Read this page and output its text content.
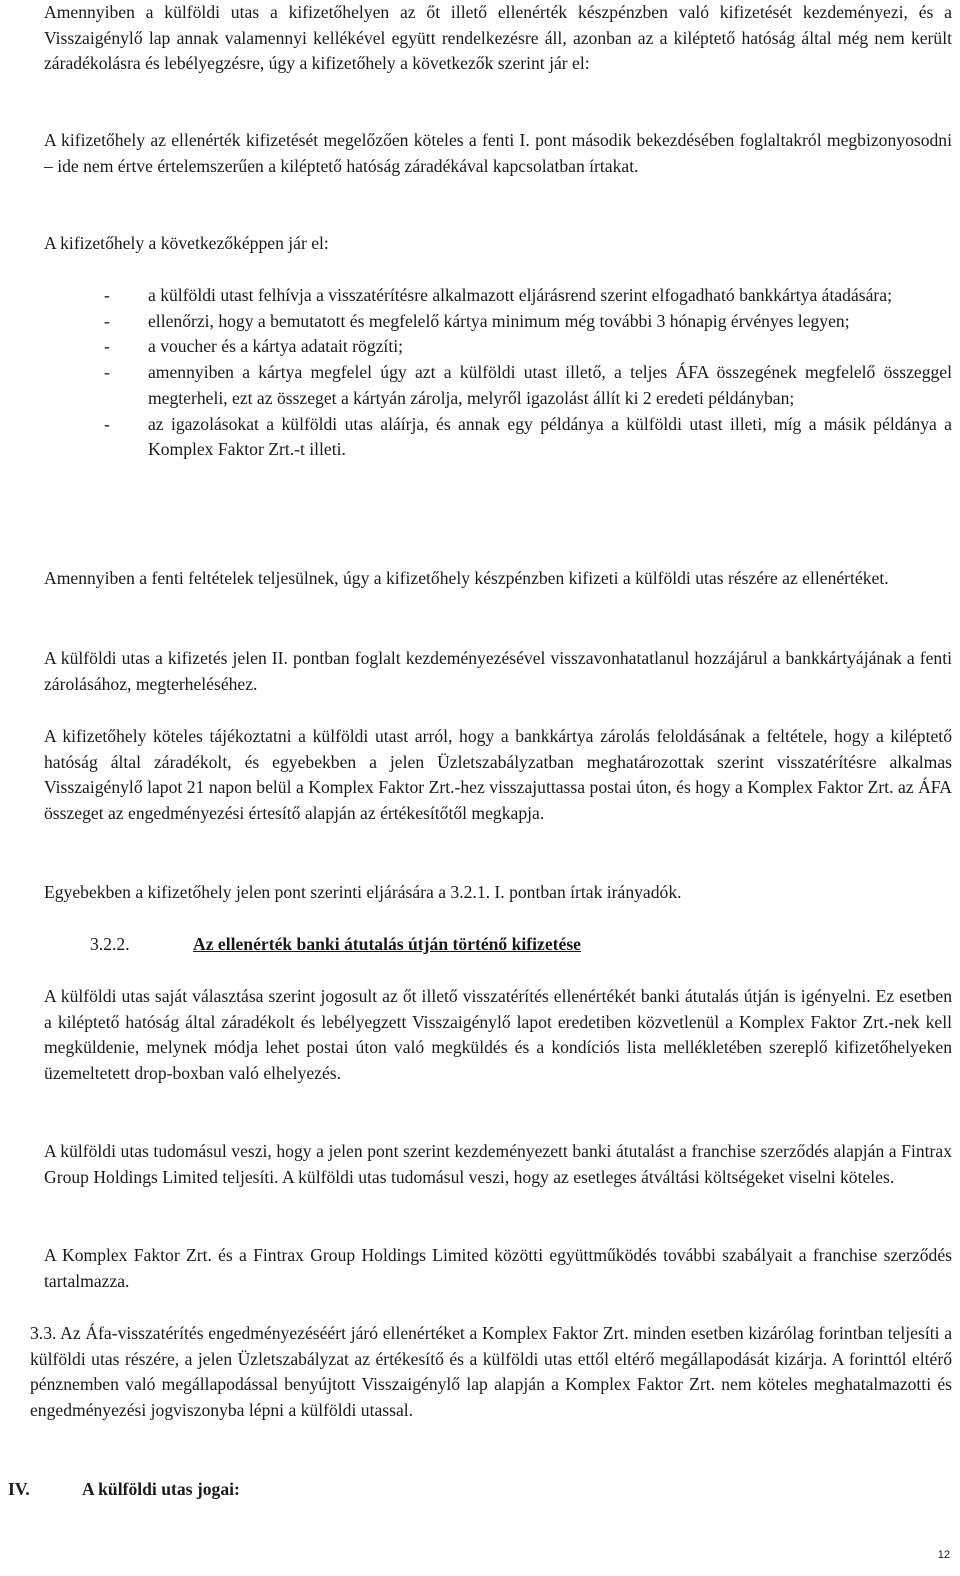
Amennyiben a külföldi utas a kifizetőhelyen az őt illető ellenérték készpénzben való kifizetését kezdeményezi, és a Visszaigénylő lap annak valamennyi kellékével együtt rendelkezésre áll, azonban az a kiléptető hatóság által még nem került záradékolásra és lebélyegzésre, úgy a kifizetőhely a következők szerint jár el:

A kifizetőhely az ellenérték kifizetését megelőzően köteles a fenti I. pont második bekezdésében foglaltakról megbizonyosodni – ide nem értve értelemszerűen a kiléptető hatóság záradékával kapcsolatban írtakat.

A kifizetőhely a következőképpen jár el:

- a külföldi utast felhívja a visszatérítésre alkalmazott eljárásrend szerint elfogadható bankkártya átadására;
- ellenőrzi, hogy a bemutatott és megfelelő kártya minimum még további 3 hónapig érvényes legyen;
- a voucher és a kártya adatait rögzíti;
- amennyiben a kártya megfelel úgy azt a külföldi utast illető, a teljes ÁFA összegének megfelelő összeggel megterheli, ezt az összeget a kártyán zárolja, melyről igazolást állít ki 2 eredeti példányban;
- az igazolásokat a külföldi utas aláírja, és annak egy példánya a külföldi utast illeti, míg a másik példánya a Komplex Faktor Zrt.-t illeti.

Amennyiben a fenti feltételek teljesülnek, úgy a kifizetőhely készpénzben kifizeti a külföldi utas részére az ellenértéket.

A külföldi utas a kifizetés jelen II. pontban foglalt kezdeményezésével visszavonhatatlanul hozzájárul a bankkártyájának a fenti zárolásához, megterheléséhez.

A kifizetőhely köteles tájékoztatni a külföldi utast arról, hogy a bankkártya zárolás feloldásának a feltétele, hogy a kiléptető hatóság által záradékolt, és egyebekben a jelen Üzletszabályzatban meghatározottak szerint visszatérítésre alkalmas Visszaigénylő lapot 21 napon belül a Komplex Faktor Zrt.-hez visszajuttassa postai úton, és hogy a Komplex Faktor Zrt. az ÁFA összeget az engedményezési értesítő alapján az értékesítőtől megkapja.

Egyebekben a kifizetőhely jelen pont szerinti eljárására a 3.2.1. I. pontban írtak irányadók.

3.2.2.	Az ellenérték banki átutalás útján történő kifizetése

A külföldi utas saját választása szerint jogosult az őt illető visszatérítés ellenértékét banki átutalás útján is igényelni. Ez esetben a kiléptető hatóság által záradékolt és lebélyegzett Visszaigénylő lapot eredetiben közvetlenül a Komplex Faktor Zrt.-nek kell megküldenie, melynek módja lehet postai úton való megküldés és a kondíciós lista mellékletében szereplő kifizetőhelyeken üzemeltetett drop-boxban való elhelyezés.

A külföldi utas tudomásul veszi, hogy a jelen pont szerint kezdeményezett banki átutalást a franchise szerződés alapján a Fintrax Group Holdings Limited teljesíti. A külföldi utas tudomásul veszi, hogy az esetleges átváltási költségeket viselni köteles.

A Komplex Faktor Zrt. és a Fintrax Group Holdings Limited közötti együttműködés további szabályait a franchise szerződés tartalmazza.

3.3. Az Áfa-visszatérítés engedményezéséért járó ellenértéket a Komplex Faktor Zrt. minden esetben kizárólag forintban teljesíti a külföldi utas részére, a jelen Üzletszabályzat az értékesítő és a külföldi utas ettől eltérő megállapodását kizárja. A forinttól eltérő pénznemben való megállapodással benyújtott Visszaigénylő lap alapján a Komplex Faktor Zrt. nem köteles meghatalmazotti és engedményezési jogviszonyba lépni a külföldi utassal.

IV.	A külföldi utas jogai:
12
